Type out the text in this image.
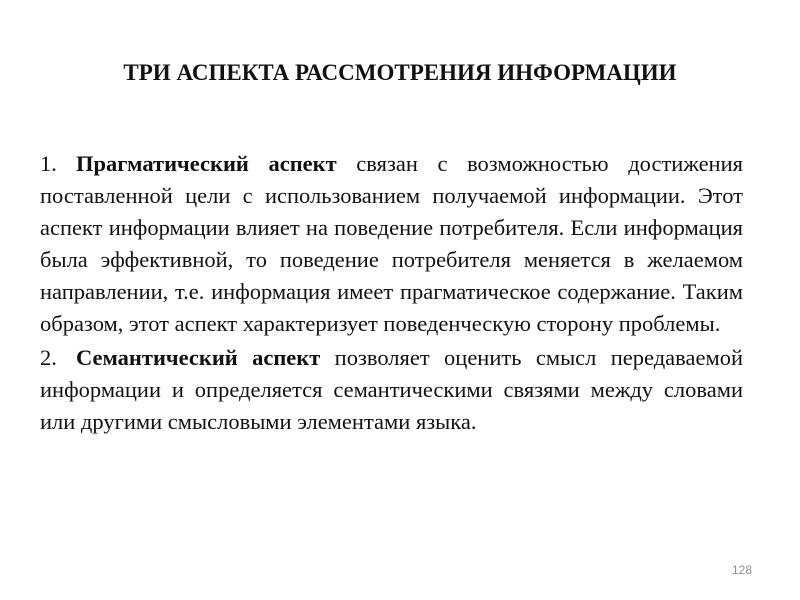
ТРИ АСПЕКТА РАССМОТРЕНИЯ ИНФОРМАЦИИ

1. Прагматический аспект связан с возможностью достижения поставленной цели с использованием получаемой информации. Этот аспект информации влияет на поведение потребителя. Если информация была эффективной, то поведение потребителя меняется в желаемом направлении, т.е. информация имеет прагматическое содержание. Таким образом, этот аспект характеризует поведенческую сторону проблемы.

2. Семантический аспект позволяет оценить смысл передаваемой информации и определяется семантическими связями между словами или другими смысловыми элементами языка.

128
